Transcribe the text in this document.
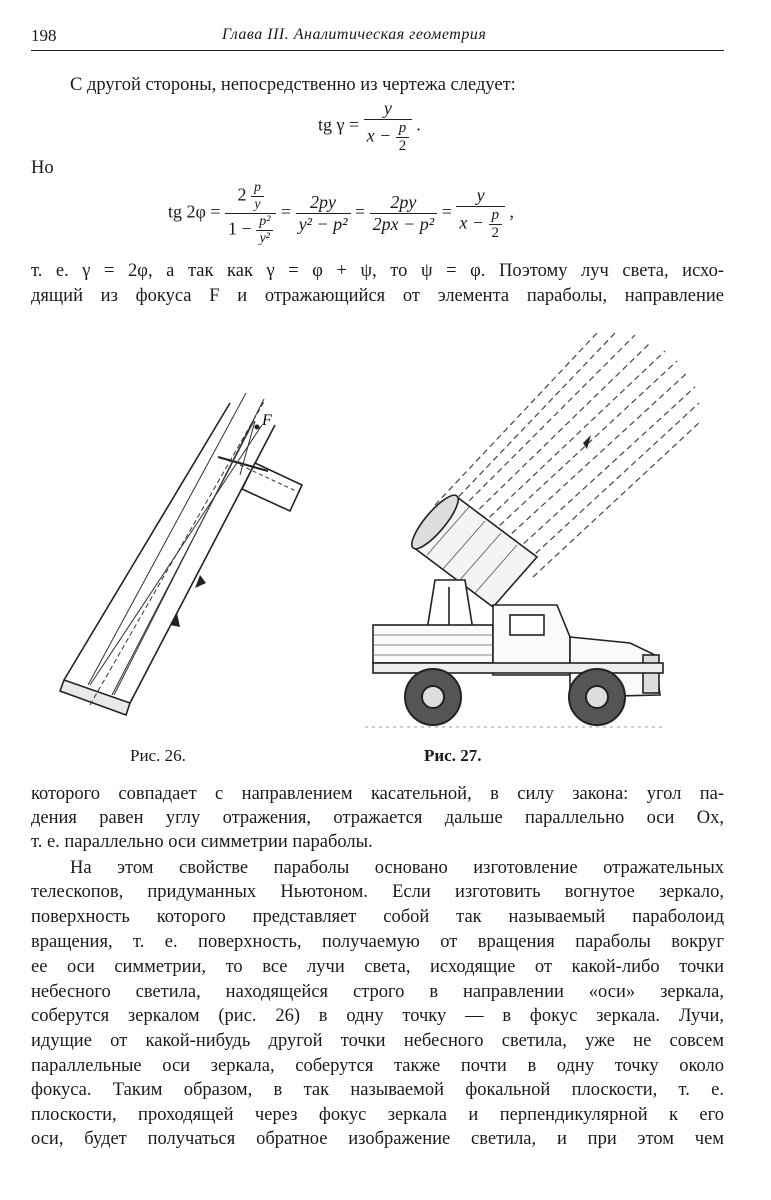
198	Глава III. Аналитическая геометрия
С другой стороны, непосредственно из чертежа следует:
tg $\gamma = \frac{y}{x - \frac{p}{2}}$ .
Но
tg $2\varphi = \frac{2 \frac{p}{y}}{1 - \frac{\text{p²}}{\text{y²}}} = \frac{2py}{\text{y² − p²}} = \frac{2py}{\text{2px − p²}} = \frac{y}{x - \frac{p}{2}}$ ,
т. е. γ = 2φ, а так как γ = φ + ψ, то ψ = φ. Поэтому луч света, исхо-
дящий из фокуса F и отражающийся от элемента параболы, направление
F
Рис. 26.	Рис. 27.
которого совпадает с направлением касательной, в силу закона: угол па-
дения равен углу отражения, отражается дальше параллельно оси Ox,
т. е. параллельно оси симметрии параболы.
На этом свойстве параболы основано изготовление отражательных
телескопов, придуманных Ньютоном. Если изготовить вогнутое зеркало,
поверхность которого представляет собой так называемый параболоид
вращения, т. е. поверхность, получаемую от вращения параболы вокруг
ее оси симметрии, то все лучи света, исходящие от какой-либо точки
небесного светила, находящейся строго в направлении «оси» зеркала,
соберутся зеркалом (рис. 26) в одну точку — в фокус зеркала. Лучи,
идущие от какой-нибудь другой точки небесного светила, уже не совсем
параллельные оси зеркала, соберутся также почти в одну точку около
фокуса. Таким образом, в так называемой фокальной плоскости, т. е.
плоскости, проходящей через фокус зеркала и перпендикулярной к его
оси, будет получаться обратное изображение светила, и при этом чем
